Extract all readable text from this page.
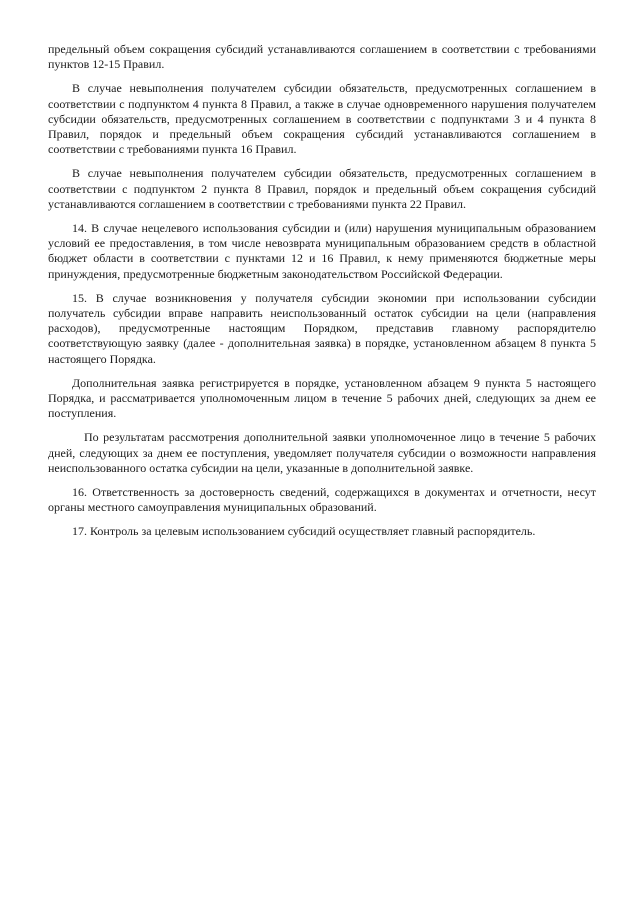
предельный объем сокращения субсидий устанавливаются соглашением в соответствии с требованиями пунктов 12-15 Правил.

В случае невыполнения получателем субсидии обязательств, предусмотренных соглашением в соответствии с подпунктом 4 пункта 8 Правил, а также в случае одновременного нарушения получателем субсидии обязательств, предусмотренных соглашением в соответствии с подпунктами 3 и 4 пункта 8 Правил, порядок и предельный объем сокращения субсидий устанавливаются соглашением в соответствии с требованиями пункта 16 Правил.

В случае невыполнения получателем субсидии обязательств, предусмотренных соглашением в соответствии с подпунктом 2 пункта 8 Правил, порядок и предельный объем сокращения субсидий устанавливаются соглашением в соответствии с требованиями пункта 22 Правил.

14. В случае нецелевого использования субсидии и (или) нарушения муниципальным образованием условий ее предоставления, в том числе невозврата муниципальным образованием средств в областной бюджет области в соответствии с пунктами 12 и 16 Правил, к нему применяются бюджетные меры принуждения, предусмотренные бюджетным законодательством Российской Федерации.

15. В случае возникновения у получателя субсидии экономии при использовании субсидии получатель субсидии вправе направить неиспользованный остаток субсидии на цели (направления расходов), предусмотренные настоящим Порядком, представив главному распорядителю соответствующую заявку (далее - дополнительная заявка) в порядке, установленном абзацем 8 пункта 5 настоящего Порядка.

Дополнительная заявка регистрируется в порядке, установленном абзацем 9 пункта 5 настоящего Порядка, и рассматривается уполномоченным лицом в течение 5 рабочих дней, следующих за днем ее поступления.

По результатам рассмотрения дополнительной заявки уполномоченное лицо в течение 5 рабочих дней, следующих за днем ее поступления, уведомляет получателя субсидии о возможности направления неиспользованного остатка субсидии на цели, указанные в дополнительной заявке.

16. Ответственность за достоверность сведений, содержащихся в документах и отчетности, несут органы местного самоуправления муниципальных образований.

17. Контроль за целевым использованием субсидий осуществляет главный распорядитель.
